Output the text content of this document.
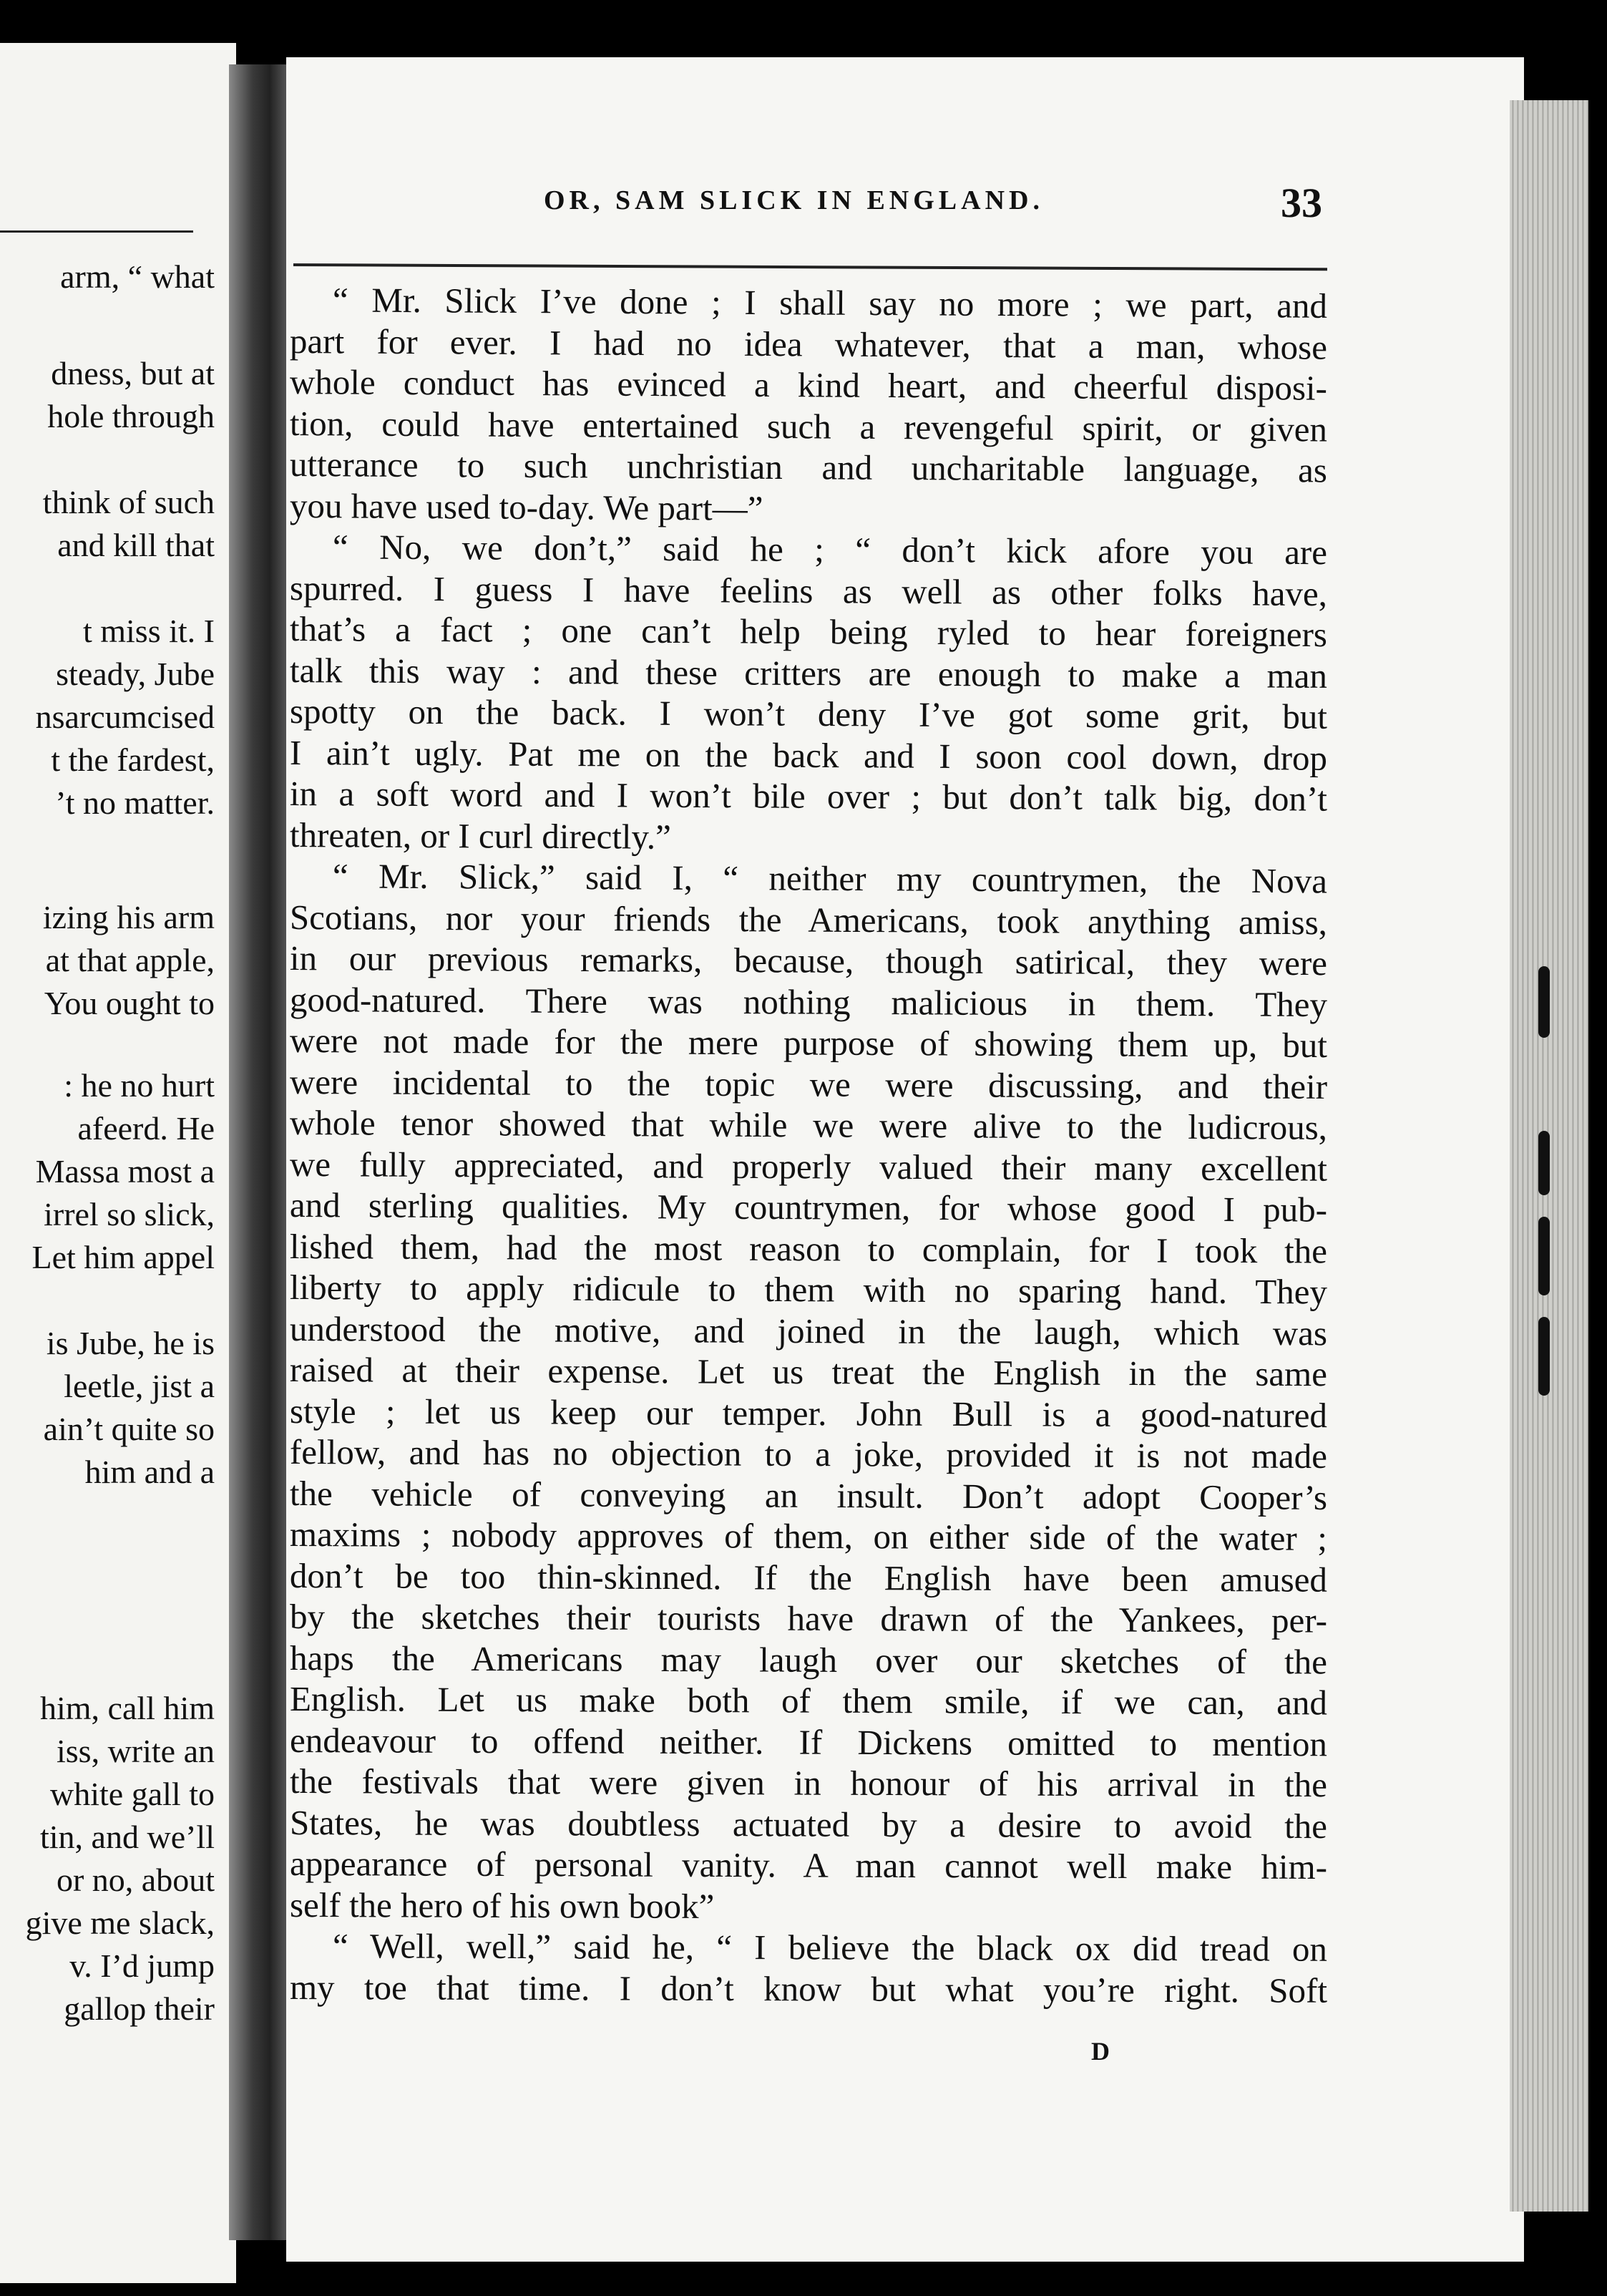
arm, “ what
dness, but at
hole through
think of such
and kill that
t miss it. I
steady, Jube
nsarcumcised
t the fardest,
’t no matter.
izing his arm
at that apple,
You ought to
: he no hurt
afeerd. He
Massa most a
irrel so slick,
Let him appel
is Jube, he is
leetle, jist a
ain’t quite so
him and a
him, call him
iss, write an
white gall to
tin, and we’ll
or no, about
give me slack,
v. I’d jump
gallop their
OR, SAM SLICK IN ENGLAND.	33
“ Mr. Slick I’ve done ; I shall say no more ; we part, and
part for ever. I had no idea whatever, that a man, whose
whole conduct has evinced a kind heart, and cheerful disposi-
tion, could have entertained such a revengeful spirit, or given
utterance to such unchristian and uncharitable language, as
you have used to-day. We part—”
“ No, we don’t,” said he ; “ don’t kick afore you are
spurred. I guess I have feelins as well as other folks have,
that’s a fact ; one can’t help being ryled to hear foreigners
talk this way : and these critters are enough to make a man
spotty on the back. I won’t deny I’ve got some grit, but
I ain’t ugly. Pat me on the back and I soon cool down, drop
in a soft word and I won’t bile over ; but don’t talk big, don’t
threaten, or I curl directly.”
“ Mr. Slick,” said I, “ neither my countrymen, the Nova
Scotians, nor your friends the Americans, took anything amiss,
in our previous remarks, because, though satirical, they were
good-natured. There was nothing malicious in them. They
were not made for the mere purpose of showing them up, but
were incidental to the topic we were discussing, and their
whole tenor showed that while we were alive to the ludicrous,
we fully appreciated, and properly valued their many excellent
and sterling qualities. My countrymen, for whose good I pub-
lished them, had the most reason to complain, for I took the
liberty to apply ridicule to them with no sparing hand. They
understood the motive, and joined in the laugh, which was
raised at their expense. Let us treat the English in the same
style ; let us keep our temper. John Bull is a good-natured
fellow, and has no objection to a joke, provided it is not made
the vehicle of conveying an insult. Don’t adopt Cooper’s
maxims ; nobody approves of them, on either side of the water ;
don’t be too thin-skinned. If the English have been amused
by the sketches their tourists have drawn of the Yankees, per-
haps the Americans may laugh over our sketches of the
English. Let us make both of them smile, if we can, and
endeavour to offend neither. If Dickens omitted to mention
the festivals that were given in honour of his arrival in the
States, he was doubtless actuated by a desire to avoid the
appearance of personal vanity. A man cannot well make him-
self the hero of his own book”
“ Well, well,” said he, “ I believe the black ox did tread on
my toe that time. I don’t know but what you’re right. Soft
D
